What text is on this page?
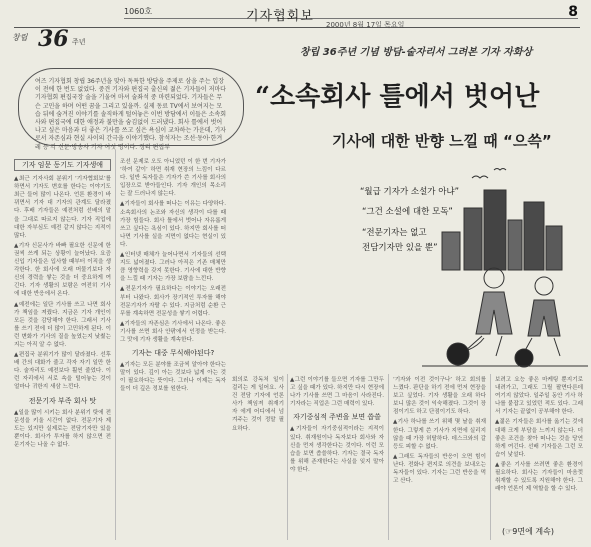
1060호	기자협회보
2000년 8월 17일 목요일
8
창립 36 주년
창립 36주년 기념 방담-숱자리서 그려본 기자 자화상
여즈 기자협회 창립 36주년을 맞아 독특한 방담을 주제로 삼을 주는 입장이 전에 한 번도 없었다. 중견 기자와 편집국 출신의 젊은 기자들이 저마다 기자협회 편집국장 술을 기울여 마셔 술좌석 중 마련되었다. 기자들은 무슨 고민을 하며 어떤 꿈을 그리고 있을까. 실제 동료 TV에서 보여지는 모습 뒤에 숨겨진 이야기를 솔직하게 털어놓은 이번 방담에서 이들은 소속회사와 편집국에 대한 애정과 불만을 숨김없이 드러냈다. 회사 틀에서 벗어나고 싶은 마음과 더 좋은 기사를 쓰고 싶은 욕심이 교차하는 가운데, 기자로서 자존심과 현실 사이의 간극을 이야기했다. 참석자는 조선·동아·한겨레 등 각 신문·방송사 기자 여섯 명이다. 정리 편집부
“소속회사 틀에서 벗어난
기사에 대한 반향 느낄 때 “으쓱”
“월급 기자가 소설가 아냐”
“그건 소설에 대한 모독”
“전문기자는 없고
전담기자만 있을 뿐”
기자 임문 동기도 기자생애

▲최근 기자사회 분위기 ‘기자협회보’를 하면서 기자도 변호를 한다는 이야기도 최근 들어 많이 나온다. 언론 환경이 바뀌면서 기자 대 기자의 관계도 달라졌다. 후배 기자들은 예전처럼 선배의 말을 그대로 따르지 않는다. 기자 직업에 대한 자부심도 예전 같지 않다는 지적이 많다.

▲기자 신문사가 바빠 필요한 신문에 한 권씩 쓰게 되는 상황이 늘어났다. 요즘 신입 기자들은 입사할 때부터 이직을 생각한다. 한 회사에 오래 머물기보다 자신의 경력을 쌓는 것을 더 중요하게 여긴다. 기자 생활의 보람은 여전히 기사에 대한 반응에서 온다.

▲예전에는 일단 기사를 쓰고 나면 회사가 책임을 져줬다. 지금은 기자 개인이 모든 것을 감당해야 한다. 그래서 기사를 쓰기 전에 더 많이 고민하게 된다. 이런 변화가 기사의 질을 높였는지 낮췄는지는 아직 알 수 없다.

▲편집국 분위기가 많이 달라졌다. 선후배 간의 대화가 줄고 각자 자기 일만 한다. 술자리도 예전보다 훨씬 줄었다. 이런 자리에서 서로 속을 털어놓는 것이 얼마나 귀한지 새삼 느낀다.

전문기자 부족 회사 탓

▲일을 많이 시키는 회사 분위기 탓에 전문성을 키울 시간이 없다. 전문기자 제도는 있지만 실제로는 전담기자만 있을 뿐이다. 회사가 투자를 하지 않으면 전문기자는 나올 수 없다.

조선 문제로 오도 아니었던 이 한 번 기자가 ‘하여 같이’ 하면 취재 현장의 느낌이 다르다. 일반 독자들은 기자가 쓴 기사를 회사의 입장으로 받아들인다. 기자 개인의 목소리는 잘 드러나지 않는다.

▲기자들이 회사를 떠나는 이유는 다양하다. 소속회사의 논조와 자신의 생각이 다를 때 가장 힘들다. 회사 틀에서 벗어나 자유롭게 쓰고 싶다는 욕심이 있다. 하지만 회사를 떠나면 기사를 실을 지면이 없다는 현실이 있다.

▲인터넷 매체가 늘어나면서 기자들의 선택지도 넓어졌다. 그러나 아직은 기존 매체만큼 영향력을 갖지 못한다. 기사에 대한 반향을 느낄 때 기자는 가장 보람을 느낀다.

▲전문기자가 필요하다는 이야기는 오래전부터 나왔다. 회사가 장기적인 투자를 해야 전문기자가 자랄 수 있다. 지금처럼 순환 근무를 계속하면 전문성을 쌓기 어렵다.

▲기자들의 자존심은 기사에서 나온다. 좋은 기사를 쓰면 회사 안팎에서 인정을 받는다. 그 맛에 기자 생활을 계속한다.

기자는 대중 무식해야된다?

▲기자는 모든 분야를 조금씩 알아야 한다는 말이 있다. 깊이 아는 것보다 넓게 아는 것이 필요하다는 뜻이다. 그러나 이제는 독자들이 더 깊은 정보를 원한다.

회의로 강독처 일이 걸리는 게 일어요. 사건 전담 기자에 언론사가 책임져 취재기자 에게 어디에서 넘겨주는 것이 정말 필요하다.

▲그런 이야기를 들으면 기자를 그만두고 싶을 때가 있다. 하지만 다시 현장에 나가 기사를 쓰면 그 마음이 사라진다. 기자라는 직업은 그런 매력이 있다.

자기중심적 주변을 보면 씁쓸

▲기자들이 자기중심적이라는 지적이 있다. 취재원이나 독자보다 회사와 자신을 먼저 생각한다는 것이다. 이런 모습을 보면 씁쓸하다. 기자는 결국 독자를 위해 존재한다는 사실을 잊지 말아야 한다.

‘기자와 이전 것이구나’ 하고 회의를 느꼈다. 판단을 하기 전에 먼저 현장을 보고 싶었다. 기자 생활을 오래 하다 보니 많은 것이 익숙해졌다. 그것이 장점이기도 하고 단점이기도 하다.

▲기사 하나를 쓰기 위해 몇 날을 취재한다. 그렇게 쓴 기사가 지면에 실리지 않을 때 가장 허탈하다. 데스크와의 갈등도 피할 수 없다.

▲그래도 독자들의 반응이 오면 힘이 난다. 전화나 편지로 의견을 보내오는 독자들이 있다. 기자는 그런 반응을 먹고 산다.

보려고 요능 좋은 마케팅 뿐지기로 내려가고, 그래도 그릴 팔면다른데 여기지 않았다. 일주일 동안 기사 하나를 붙잡고 있었던 적도 있다. 그래서 기자는 끝없이 공부해야 한다.

▲젊은 기자들은 회사를 옮기는 것에 대해 크게 부담을 느끼지 않는다. 더 좋은 조건을 찾아 떠나는 것을 당연하게 여긴다. 선배 기자들은 그런 모습이 낯설다.

▲좋은 기사를 쓰려면 좋은 환경이 필요하다. 회사는 기자들이 마음껏 취재할 수 있도록 지원해야 한다. 그래야 언론이 제 역할을 할 수 있다.

(☞9면에 계속)
